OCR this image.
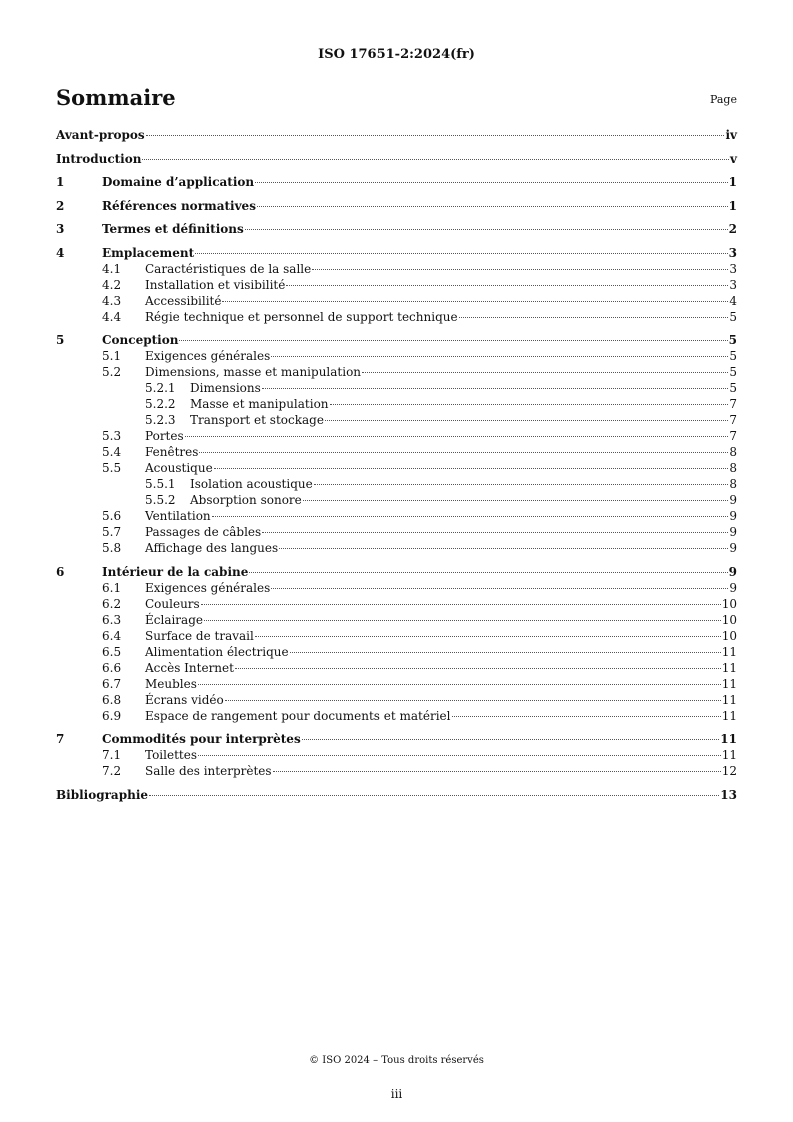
ISO 17651-2:2024(fr)
Sommaire	Page
Avant-propos	iv
Introduction	v
1	Domaine d’application	1
2	Références normatives	1
3	Termes et définitions	2
4	Emplacement	3
4.1	Caractéristiques de la salle	3
4.2	Installation et visibilité	3
4.3	Accessibilité	4
4.4	Régie technique et personnel de support technique	5
5	Conception	5
5.1	Exigences générales	5
5.2	Dimensions, masse et manipulation	5
5.2.1	Dimensions	5
5.2.2	Masse et manipulation	7
5.2.3	Transport et stockage	7
5.3	Portes	7
5.4	Fenêtres	8
5.5	Acoustique	8
5.5.1	Isolation acoustique	8
5.5.2	Absorption sonore	9
5.6	Ventilation	9
5.7	Passages de câbles	9
5.8	Affichage des langues	9
6	Intérieur de la cabine	9
6.1	Exigences générales	9
6.2	Couleurs	10
6.3	Éclairage	10
6.4	Surface de travail	10
6.5	Alimentation électrique	11
6.6	Accès Internet	11
6.7	Meubles	11
6.8	Écrans vidéo	11
6.9	Espace de rangement pour documents et matériel	11
7	Commodités pour interprètes	11
7.1	Toilettes	11
7.2	Salle des interprètes	12
Bibliographie	13
© ISO 2024 – Tous droits réservés
iii
